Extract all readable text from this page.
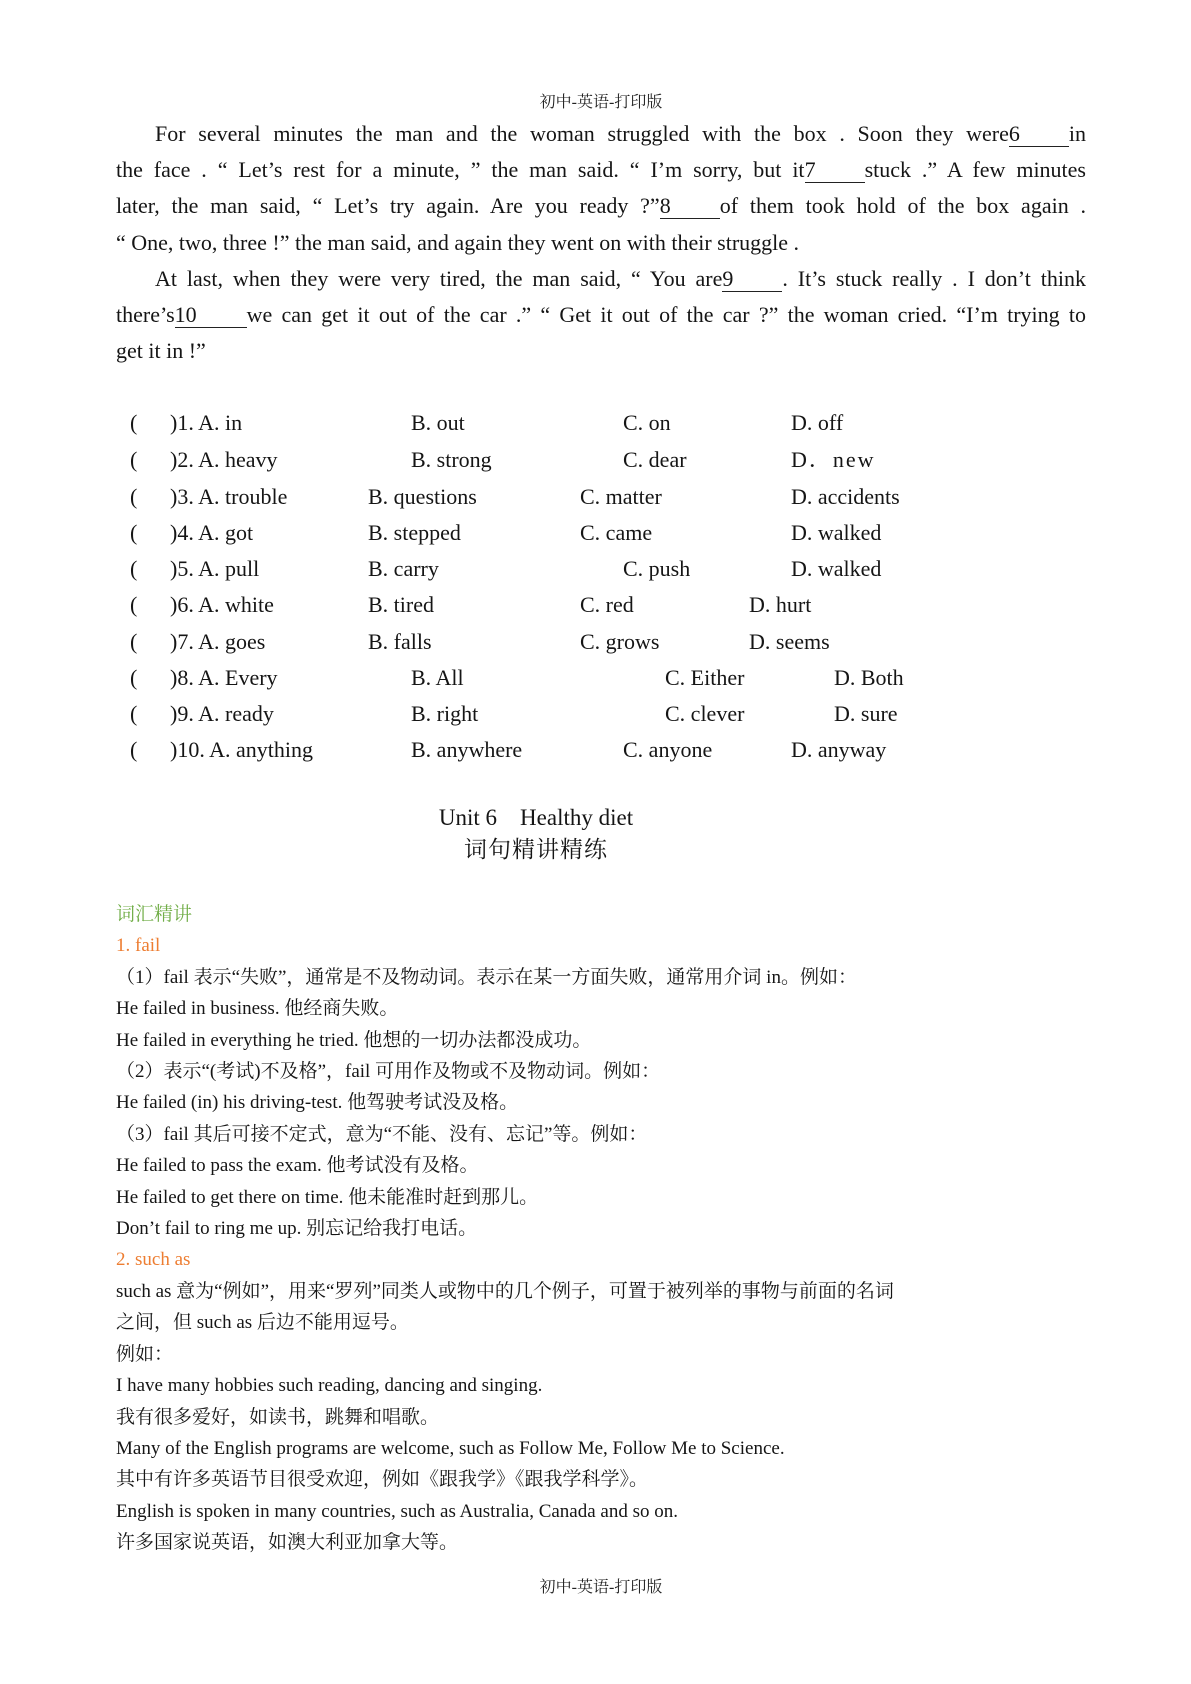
初中-英语-打印版
For several minutes the man and the woman struggled with the box . Soon they were6 in
the face . “ Let’s rest for a minute, ” the man said. “ I’m sorry, but it7 stuck .” A few minutes
later, the man said, “ Let’s try again. Are you ready ?”8 of them took hold of the box again .
“ One, two, three !” the man said, and again they went on with their struggle .
At last, when they were very tired, the man said, “ You are9 . It’s stuck really . I don’t think
there’s10 we can get it out of the car .” “ Get it out of the car ?” the woman cried. “I’m trying to
get it in !”
( )1. A. in	B. out	C. on	D. off
( )2. A. heavy	B. strong	C. dear	D．new
( )3. A. trouble	B. questions	C. matter	D. accidents
( )4. A. got	B. stepped	C. came	D. walked
( )5. A. pull	B. carry	C. push	D. walked
( )6. A. white	B. tired	C. red	D. hurt
( )7. A. goes	B. falls	C. grows	D. seems
( )8. A. Every	B. All	C. Either	D. Both
( )9. A. ready	B. right	C. clever	D. sure
( )10. A. anything	B. anywhere	C. anyone	D. anyway
Unit 6    Healthy diet
词句精讲精练
词汇精讲
1. fail
（1）fail 表示“失败”，通常是不及物动词。表示在某一方面失败，通常用介词 in。例如：
He failed in business. 他经商失败。
He failed in everything he tried. 他想的一切办法都没成功。
（2）表示“(考试)不及格”，fail 可用作及物或不及物动词。例如：
He failed (in) his driving-test. 他驾驶考试没及格。
（3）fail 其后可接不定式，意为“不能、没有、忘记”等。例如：
He failed to pass the exam. 他考试没有及格。
He failed to get there on time. 他未能准时赶到那儿。
Don’t fail to ring me up. 别忘记给我打电话。
2. such as
such as 意为“例如”，用来“罗列”同类人或物中的几个例子，可置于被列举的事物与前面的名词
之间，但 such as 后边不能用逗号。
例如：
I have many hobbies such reading, dancing and singing.
我有很多爱好，如读书，跳舞和唱歌。
Many of the English programs are welcome, such as Follow Me, Follow Me to Science.
其中有许多英语节目很受欢迎，例如《跟我学》《跟我学科学》。
English is spoken in many countries, such as Australia, Canada and so on.
许多国家说英语，如澳大利亚加拿大等。
初中-英语-打印版
